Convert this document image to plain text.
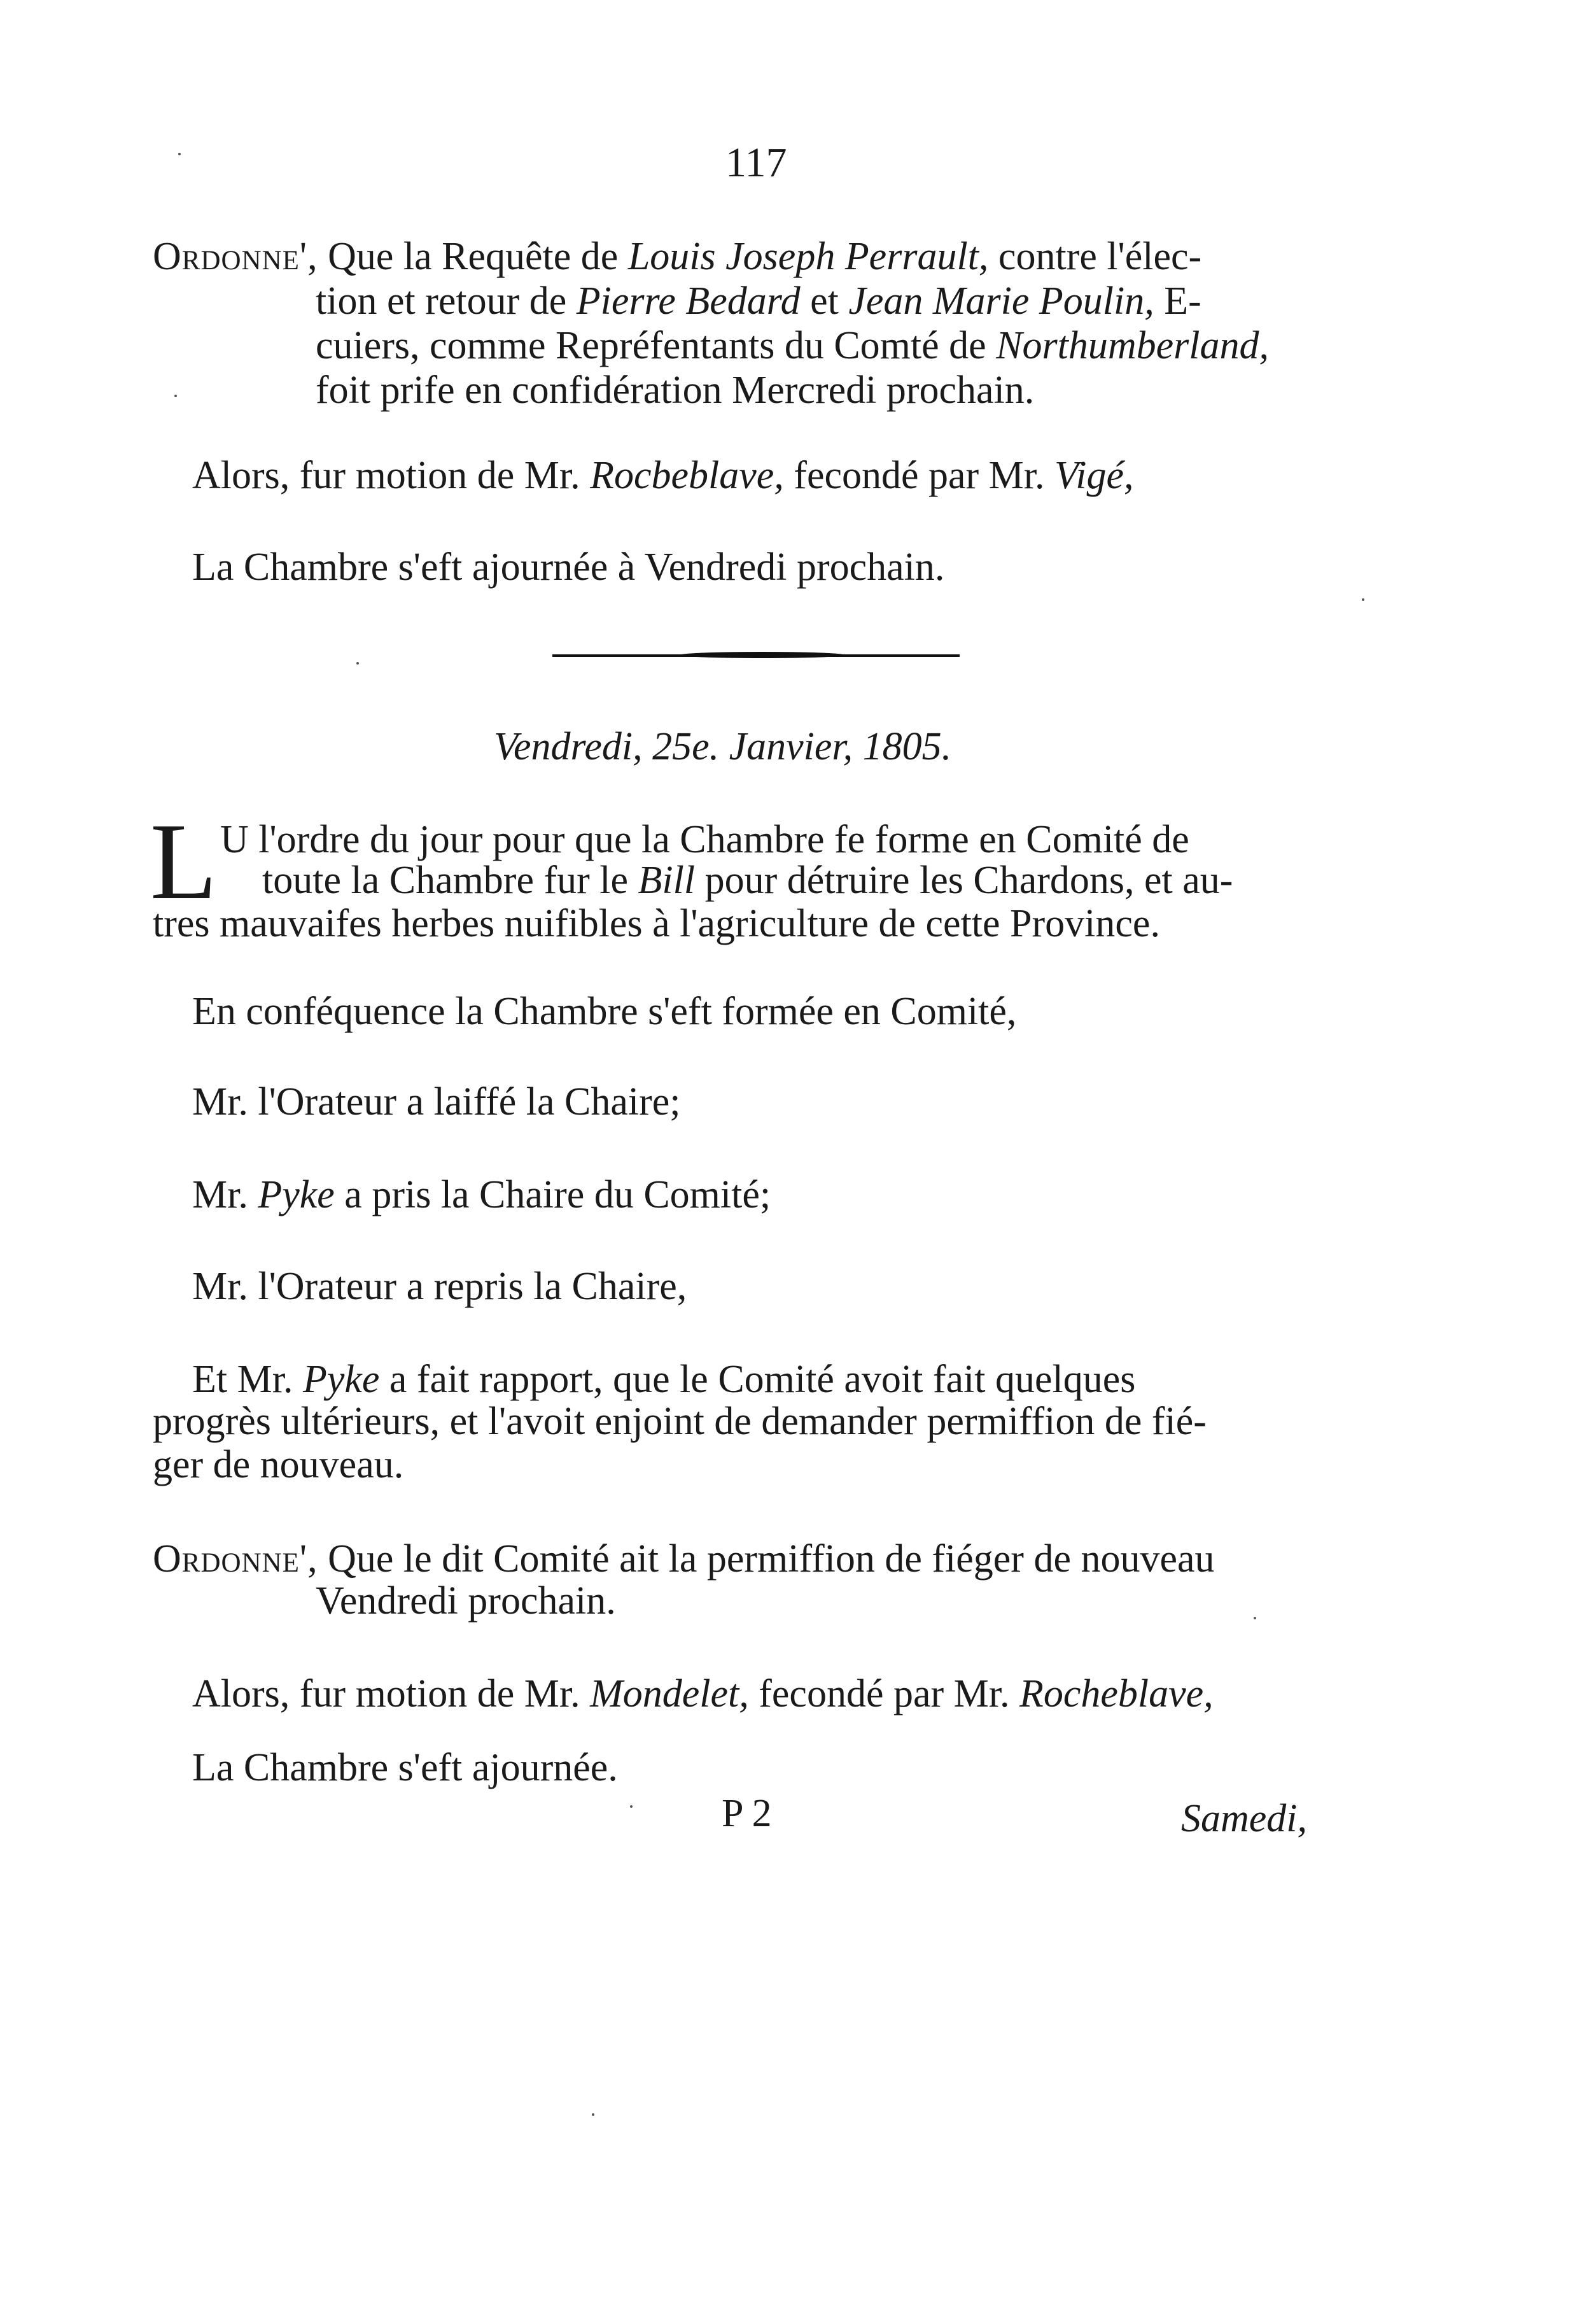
117
Ordonne', Que la Requête de Louis Joseph Perrault, contre l'élec-
tion et retour de Pierre Bedard et Jean Marie Poulin, E-
cuiers, comme Repréfentants du Comté de Northumberland,
foit prife en confidération Mercredi prochain.
Alors, fur motion de Mr. Rocbeblave, fecondé par Mr. Vigé,
La Chambre s'eft ajournée à Vendredi prochain.
Vendredi, 25e. Janvier, 1805.
L U l'ordre du jour pour que la Chambre fe forme en Comité de
toute la Chambre fur le Bill pour détruire les Chardons, et au-
tres mauvaifes herbes nuifibles à l'agriculture de cette Province.
En conféquence la Chambre s'eft formée en Comité,
Mr. l'Orateur a laiffé la Chaire;
Mr. Pyke a pris la Chaire du Comité;
Mr. l'Orateur a repris la Chaire,
Et Mr. Pyke a fait rapport, que le Comité avoit fait quelques
progrès ultérieurs, et l'avoit enjoint de demander permiffion de fié-
ger de nouveau.
Ordonne', Que le dit Comité ait la permiffion de fiéger de nouveau
Vendredi prochain.
Alors, fur motion de Mr. Mondelet, fecondé par Mr. Rocheblave,
La Chambre s'eft ajournée.
P 2	Samedi,
